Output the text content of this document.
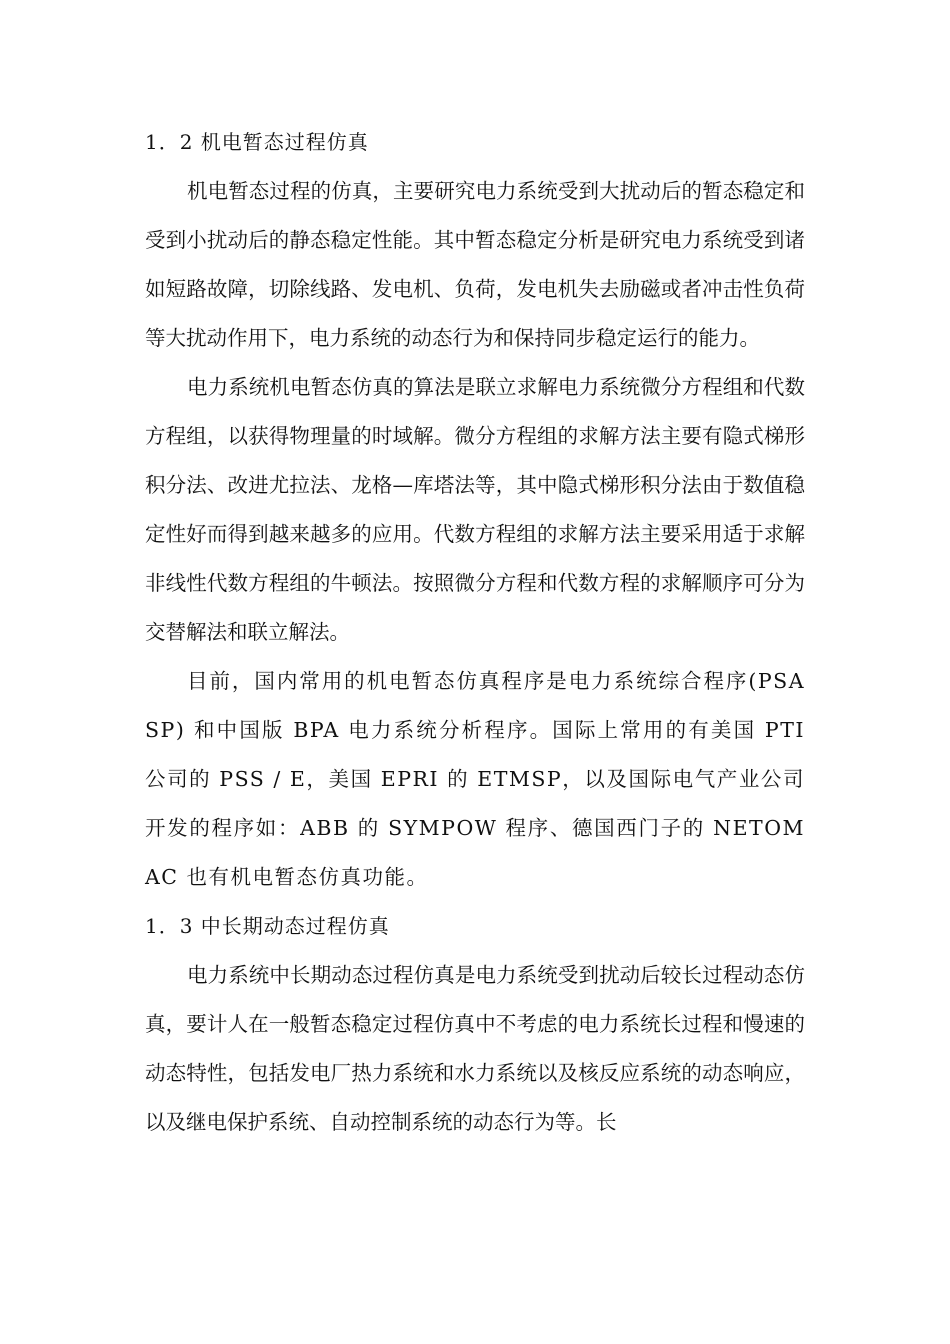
1．2 机电暂态过程仿真

机电暂态过程的仿真，主要研究电力系统受到大扰动后的暂态稳定和受到小扰动后的静态稳定性能。其中暂态稳定分析是研究电力系统受到诸如短路故障，切除线路、发电机、负荷，发电机失去励磁或者冲击性负荷等大扰动作用下，电力系统的动态行为和保持同步稳定运行的能力。

电力系统机电暂态仿真的算法是联立求解电力系统微分方程组和代数方程组，以获得物理量的时域解。微分方程组的求解方法主要有隐式梯形积分法、改进尤拉法、龙格—库塔法等，其中隐式梯形积分法由于数值稳定性好而得到越来越多的应用。代数方程组的求解方法主要采用适于求解非线性代数方程组的牛顿法。按照微分方程和代数方程的求解顺序可分为交替解法和联立解法。

目前，国内常用的机电暂态仿真程序是电力系统综合程序(PSASP) 和中国版 BPA 电力系统分析程序。国际上常用的有美国 PTI 公司的 PSS / E，美国 EPRI 的 ETMSP，以及国际电气产业公司开发的程序如：ABB 的 SYMPOW 程序、德国西门子的 NETOMAC 也有机电暂态仿真功能。

1．3 中长期动态过程仿真

电力系统中长期动态过程仿真是电力系统受到扰动后较长过程动态仿真，要计人在一般暂态稳定过程仿真中不考虑的电力系统长过程和慢速的动态特性，包括发电厂热力系统和水力系统以及核反应系统的动态响应，以及继电保护系统、自动控制系统的动态行为等。长
